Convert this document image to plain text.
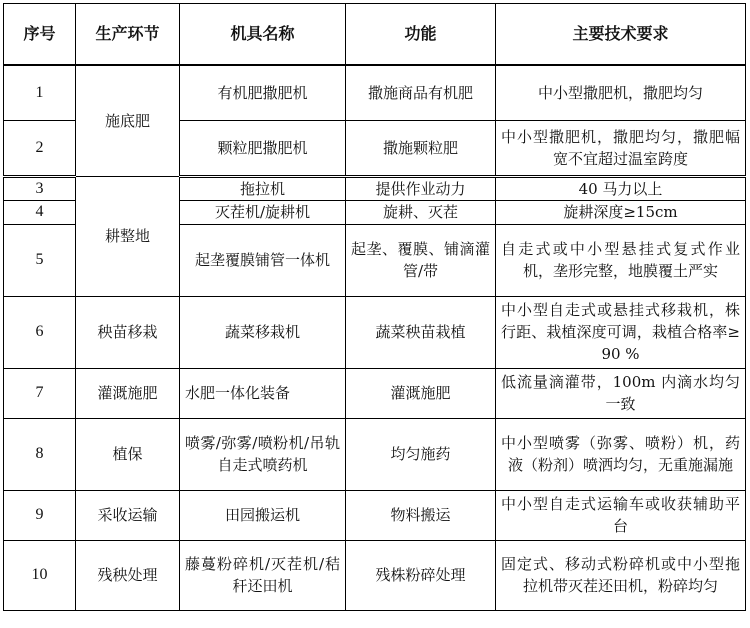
序号	生产环节	机具名称	功能	主要技术要求
1	施底肥	有机肥撒肥机	撒施商品有机肥	中小型撒肥机，撒肥均匀
2		颗粒肥撒肥机	撒施颗粒肥	中小型撒肥机，撒肥均匀，撒肥幅宽不宜超过温室跨度
3	耕整地	拖拉机	提供作业动力	40 马力以上
4		灭茬机/旋耕机	旋耕、灭茬	旋耕深度≥15cm
5		起垄覆膜铺管一体机	起垄、覆膜、铺滴灌管/带	自走式或中小型悬挂式复式作业机，垄形完整，地膜覆土严实
6	秧苗移栽	蔬菜移栽机	蔬菜秧苗栽植	中小型自走式或悬挂式移栽机，株行距、栽植深度可调，栽植合格率≥90 %
7	灌溉施肥	水肥一体化装备	灌溉施肥	低流量滴灌带，100m 内滴水均匀一致
8	植保	喷雾/弥雾/喷粉机/吊轨自走式喷药机	均匀施药	中小型喷雾（弥雾、喷粉）机，药液（粉剂）喷洒均匀，无重施漏施
9	采收运输	田园搬运机	物料搬运	中小型自走式运输车或收获辅助平台
10	残秧处理	藤蔓粉碎机/灭茬机/秸秆还田机	残株粉碎处理	固定式、移动式粉碎机或中小型拖拉机带灭茬还田机，粉碎均匀
